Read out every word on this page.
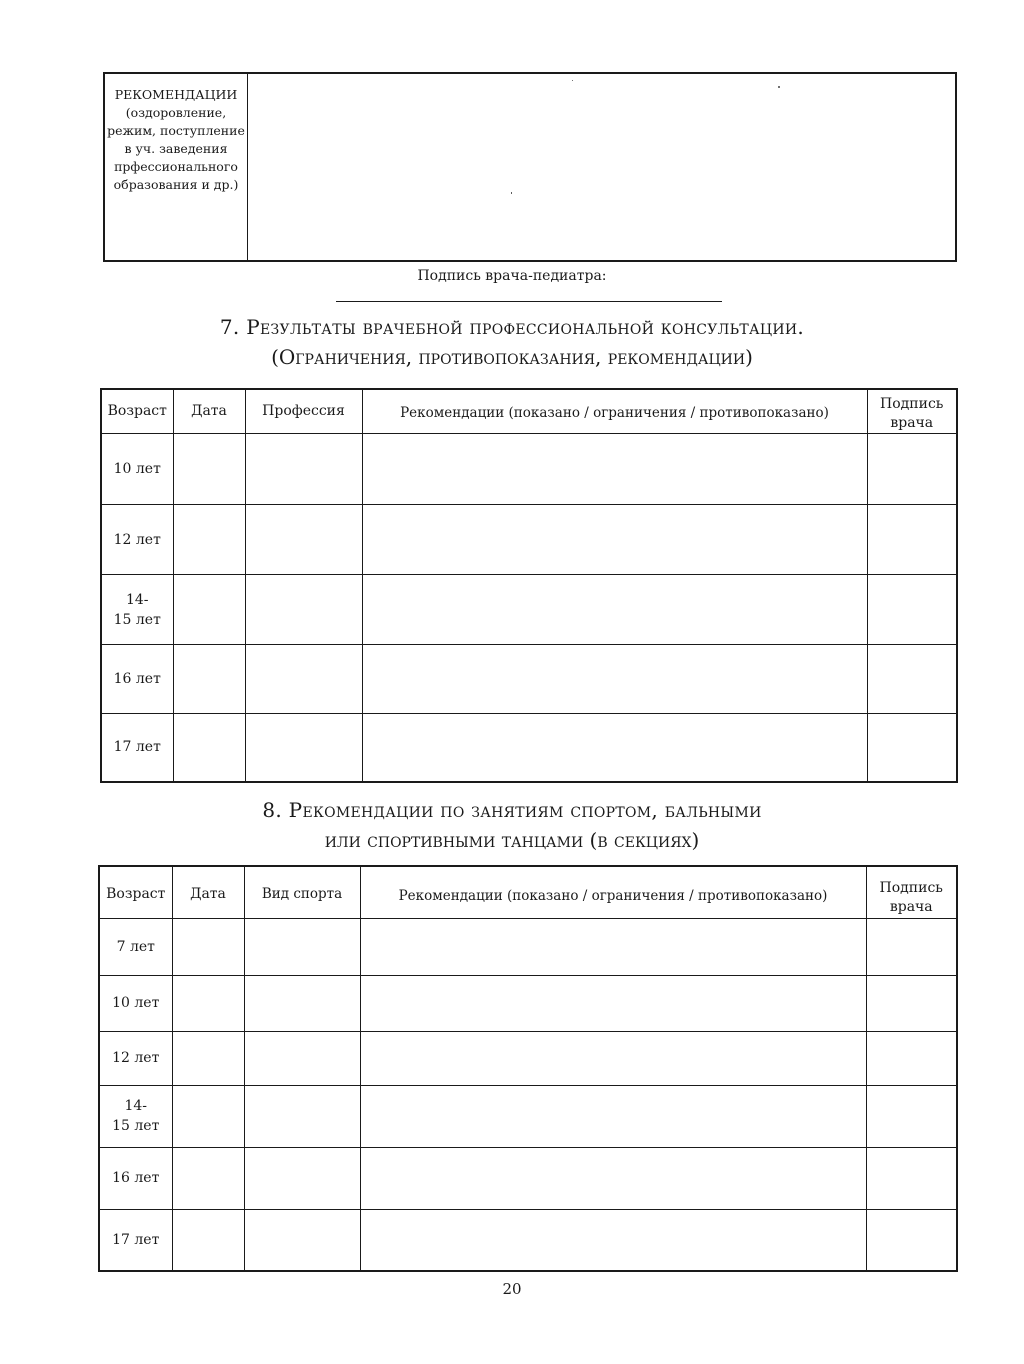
РЕКОМЕНДАЦИИ
(оздоровление,
режим, поступление
в уч. заведения
прфессионального
образования и др.)

Подпись врача-педиатра:
7. Результаты врачебной профессиональной консультации.
(Ограничения, противопоказания, рекомендации)
Возраст	Дата	Профессия	Рекомендации (показано / ограничения / противопоказано)	Подпись
врача

10 лет				

12 лет				

14-
15 лет				

16 лет				

17 лет				

8. Рекомендации по занятиям спортом, бальными
или спортивными танцами (в секциях)
Возраст	Дата	Вид спорта	Рекомендации (показано / ограничения / противопоказано)	Подпись
врача

7 лет				

10 лет				

12 лет				

14-
15 лет				

16 лет				

17 лет				

20
